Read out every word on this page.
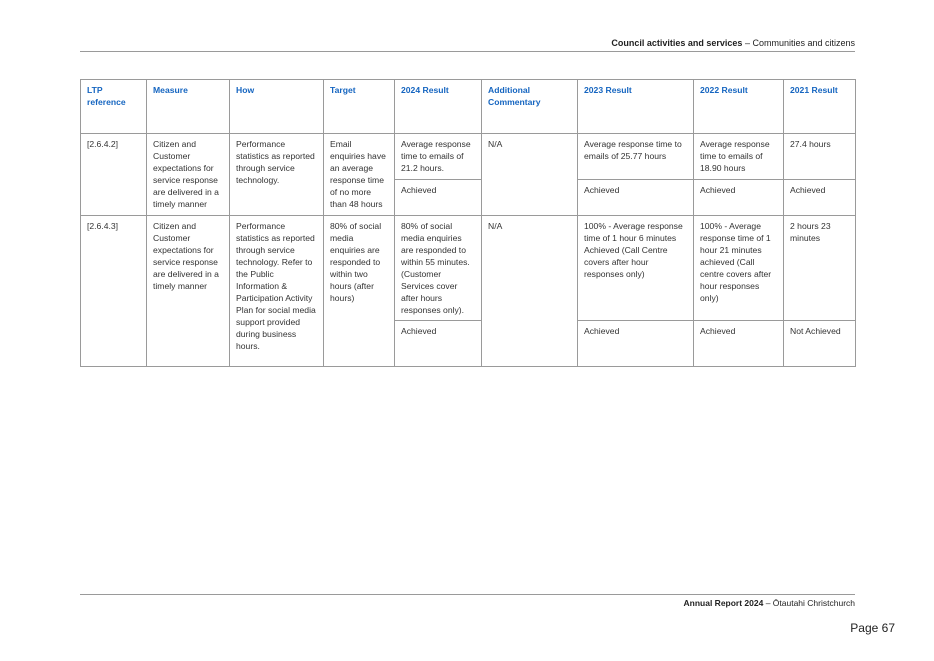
Council activities and services – Communities and citizens
LTP reference	Measure	How	Target	2024 Result	Additional Commentary	2023 Result	2022 Result	2021 Result
[2.6.4.2]	Citizen and Customer expectations for service response are delivered in a timely manner	Performance statistics as reported through service technology.	Email enquiries have an average response time of no more than 48 hours	Average response time to emails of 21.2 hours.	N/A	Average response time to emails of 25.77 hours	Average response time to emails of 18.90 hours	27.4 hours
				Achieved		Achieved	Achieved	Achieved
[2.6.4.3]	Citizen and Customer expectations for service response are delivered in a timely manner	Performance statistics as reported through service technology. Refer to the Public Information & Participation Activity Plan for social media support provided during business hours.	80% of social media enquiries are responded to within two hours (after hours)	80% of social media enquiries are responded to within 55 minutes. (Customer Services cover after hours responses only).	N/A	100% - Average response time of 1 hour 6 minutes Achieved (Call Centre covers after hour responses only)	100% - Average response time of 1 hour 21 minutes achieved (Call centre covers after hour responses only)	2 hours 23 minutes
				Achieved		Achieved	Achieved	Not Achieved
Annual Report 2024 – Ōtautahi Christchurch
Page 67
